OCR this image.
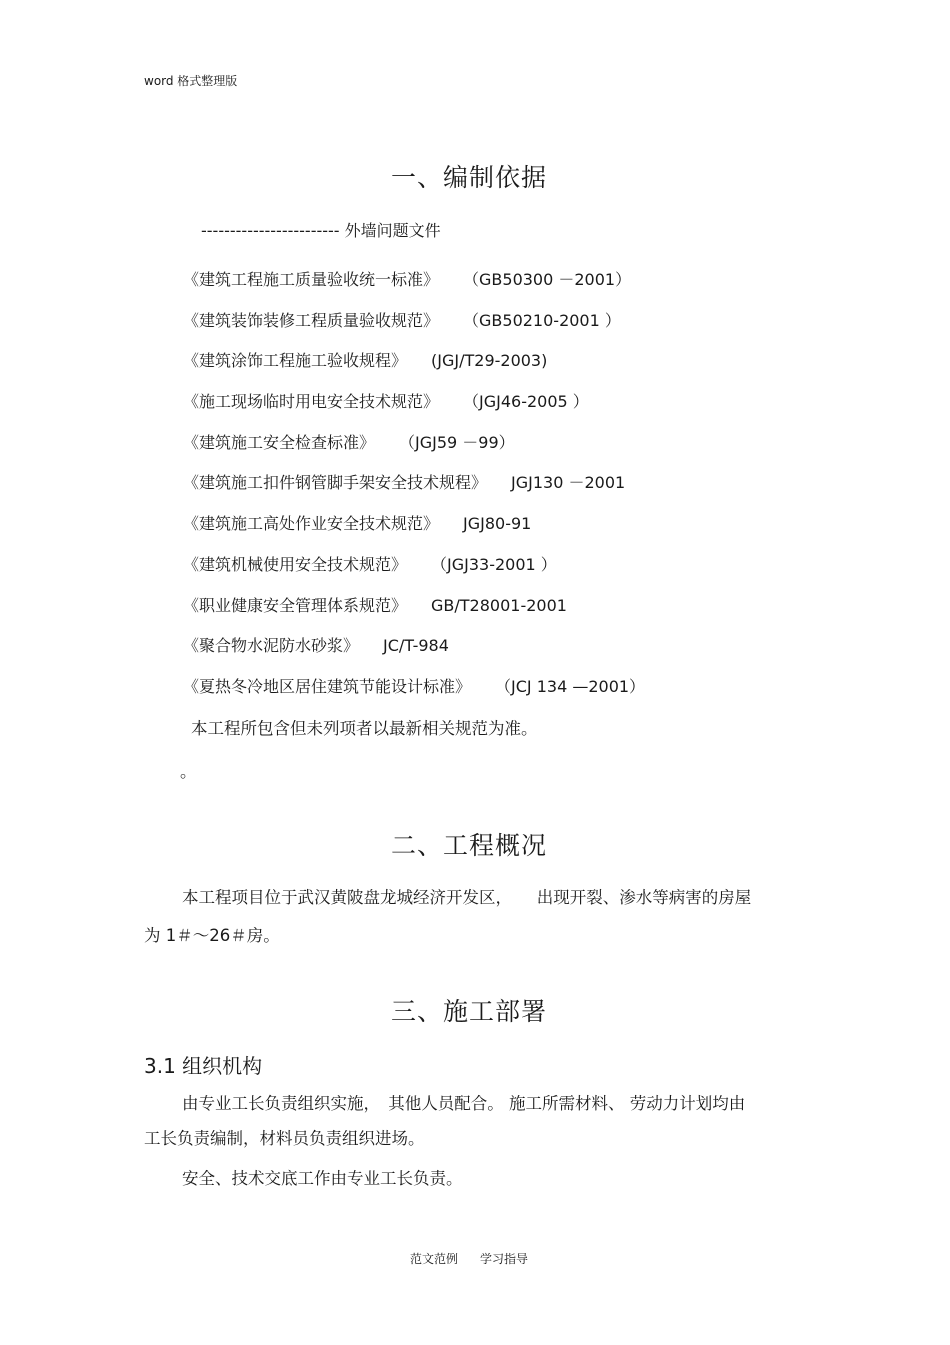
word 格式整理版
一、编制依据
------------------------ 外墙问题文件
《建筑工程施工质量验收统一标准》 （GB50300 －2001）
《建筑装饰装修工程质量验收规范》 （GB50210-2001 ）
《建筑涂饰工程施工验收规程》 (JGJ/T29-2003)
《施工现场临时用电安全技术规范》 （JGJ46-2005 ）
《建筑施工安全检查标准》 （JGJ59 －99）
《建筑施工扣件钢管脚手架安全技术规程》 JGJ130 －2001
《建筑施工高处作业安全技术规范》 JGJ80-91
《建筑机械使用安全技术规范》 （JGJ33-2001 ）
《职业健康安全管理体系规范》 GB/T28001-2001
《聚合物水泥防水砂浆》 JC/T-984
《夏热冬冷地区居住建筑节能设计标准》 （JCJ 134 —2001）
本工程所包含但未列项者以最新相关规范为准。
。
二、工程概况
本工程项目位于武汉黄陂盘龙城经济开发区，　　出现开裂、渗水等病害的房屋
为 1＃～26＃房。
三、施工部署
3.1 组织机构
由专业工长负责组织实施，　其他人员配合。 施工所需材料、 劳动力计划均由
工长负责编制，材料员负责组织进场。
安全、技术交底工作由专业工长负责。
范文范例 学习指导
